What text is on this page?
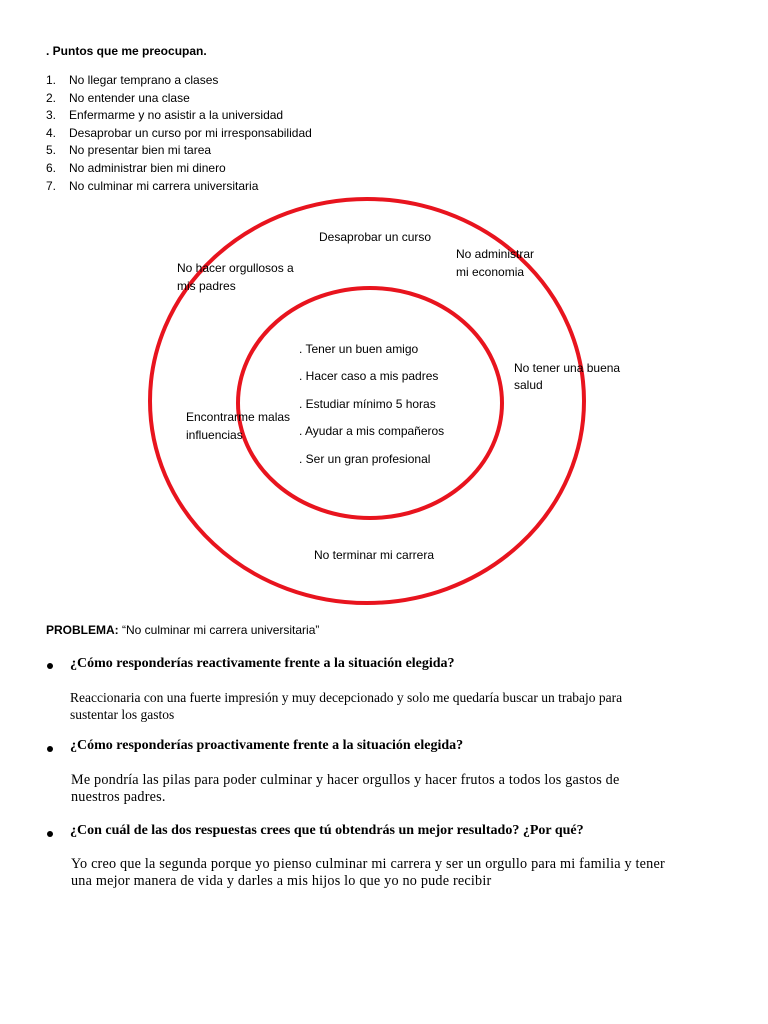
. Puntos que me preocupan.
1. No llegar temprano a clases
2. No entender una clase
3. Enfermarme y no asistir a la universidad
4. Desaprobar un curso por mi irresponsabilidad
5. No presentar bien mi tarea
6. No administrar bien mi dinero
7. No culminar mi carrera universitaria
Desaprobar un curso
No administrar
mi economia
No hacer orgullosos a
mis padres
No tener una buena
salud
Encontrarme malas
influencias
No terminar mi carrera
. Tener un buen amigo
. Hacer caso a mis padres
. Estudiar mínimo 5 horas
. Ayudar a mis compañeros
. Ser un gran profesional
PROBLEMA: “No culminar mi carrera universitaria”
¿Cómo responderías reactivamente frente a la situación elegida?
Reaccionaria con una fuerte impresión y muy decepcionado y solo me quedaría buscar un trabajo para
sustentar los gastos
¿Cómo responderías proactivamente frente a la situación elegida?
Me pondría las pilas para poder culminar y hacer orgullos y hacer frutos a todos los gastos de
nuestros padres.
¿Con cuál de las dos respuestas crees que tú obtendrás un mejor resultado? ¿Por qué?
Yo creo que la segunda porque yo pienso culminar mi carrera y ser un orgullo para mi familia y tener
una mejor manera de vida y darles a mis hijos lo que yo no pude recibir
